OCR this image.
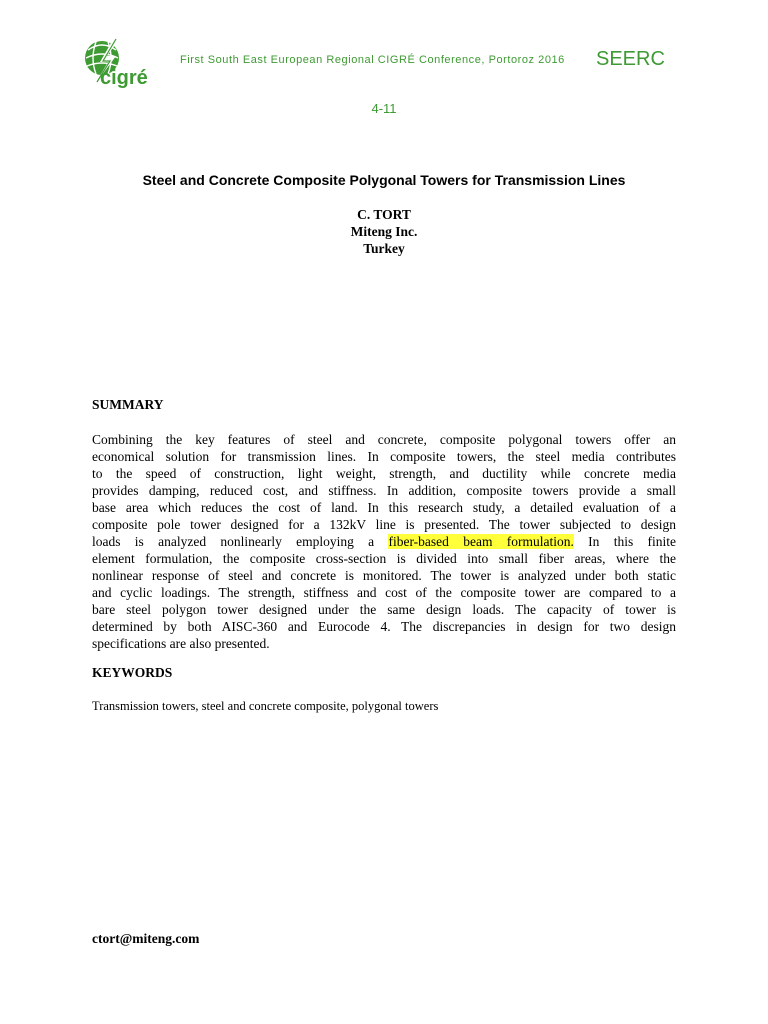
cigré
First South East European Regional CIGRÉ Conference, Portoroz 2016 SEERC
4-11
Steel and Concrete Composite Polygonal Towers for Transmission Lines
C. TORT
Miteng Inc.
Turkey
SUMMARY
Combining the key features of steel and concrete, composite polygonal towers offer an
economical solution for transmission lines. In composite towers, the steel media contributes
to the speed of construction, light weight, strength, and ductility while concrete media
provides damping, reduced cost, and stiffness. In addition, composite towers provide a small
base area which reduces the cost of land. In this research study, a detailed evaluation of a
composite pole tower designed for a 132kV line is presented. The tower subjected to design
loads is analyzed nonlinearly employing a fiber-based beam formulation. In this finite
element formulation, the composite cross-section is divided into small fiber areas, where the
nonlinear response of steel and concrete is monitored. The tower is analyzed under both static
and cyclic loadings. The strength, stiffness and cost of the composite tower are compared to a
bare steel polygon tower designed under the same design loads. The capacity of tower is
determined by both AISC-360 and Eurocode 4. The discrepancies in design for two design
specifications are also presented.
KEYWORDS
Transmission towers, steel and concrete composite, polygonal towers
ctort@miteng.com
